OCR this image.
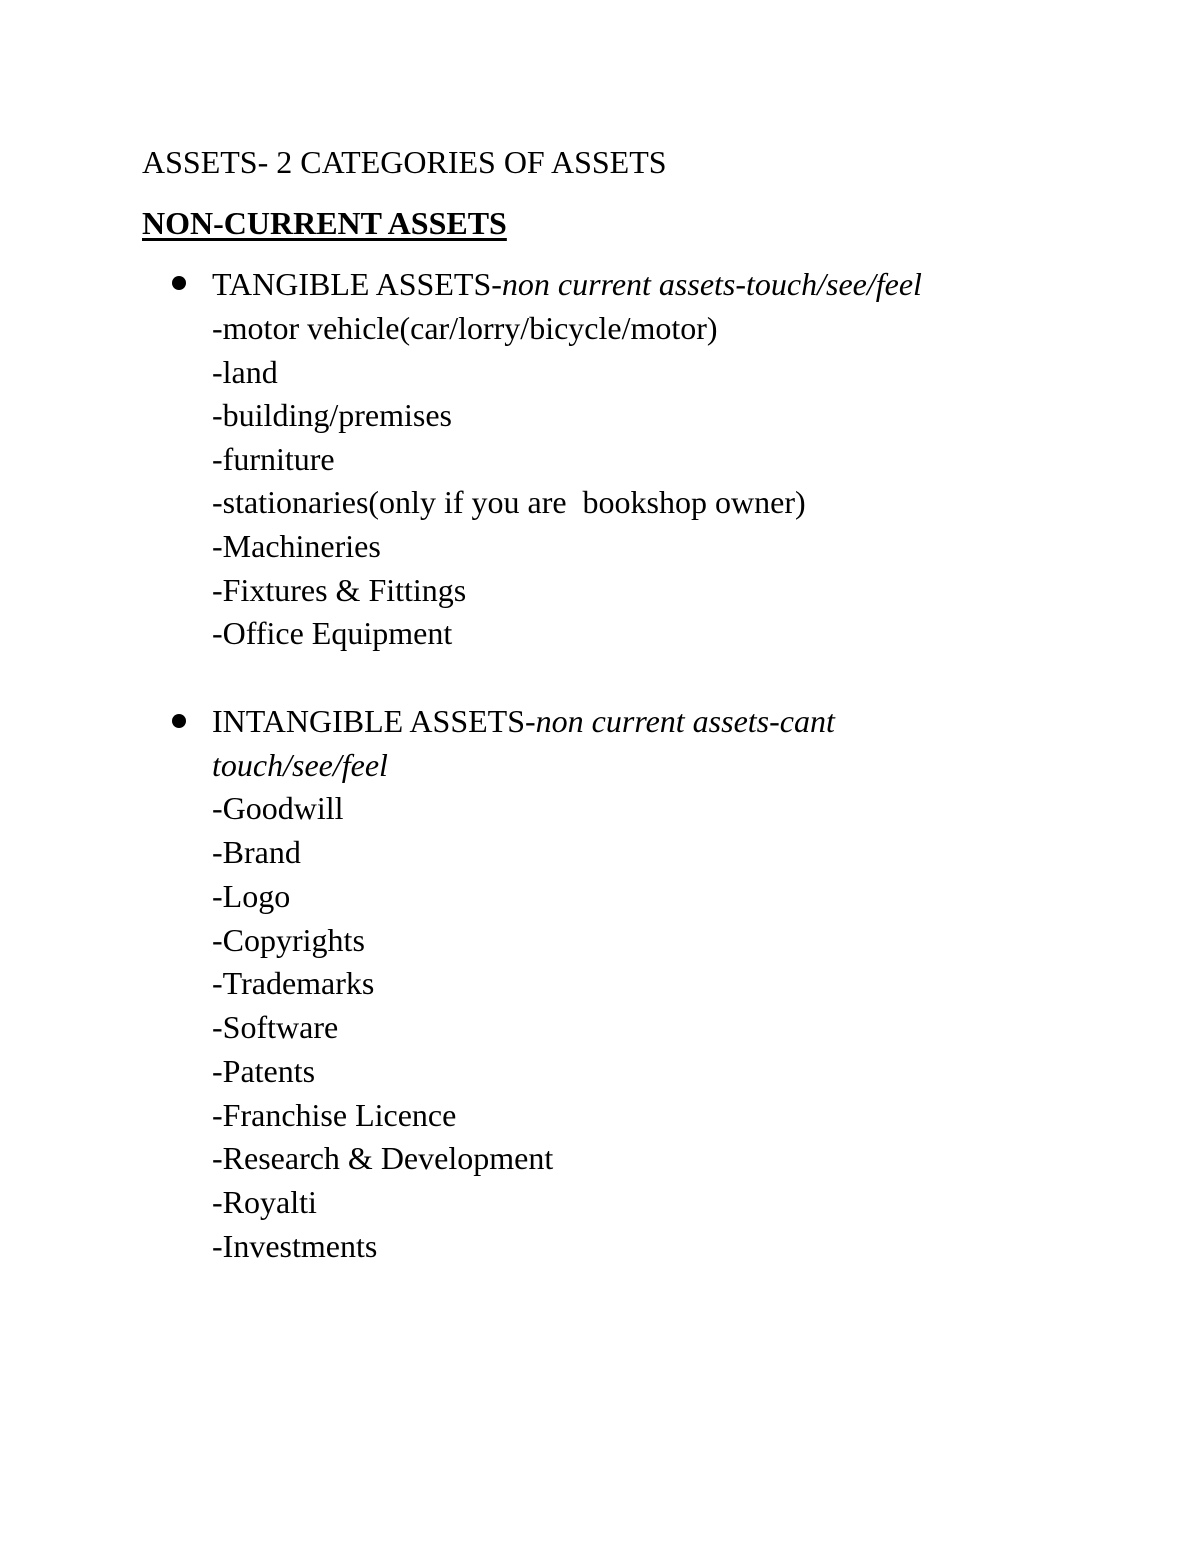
ASSETS- 2 CATEGORIES OF ASSETS
NON-CURRENT ASSETS
TANGIBLE ASSETS-non current assets-touch/see/feel
-motor vehicle(car/lorry/bicycle/motor)
-land
-building/premises
-furniture
-stationaries(only if you are  bookshop owner)
-Machineries
-Fixtures & Fittings
-Office Equipment
INTANGIBLE ASSETS-non current assets-cant
touch/see/feel
-Goodwill
-Brand
-Logo
-Copyrights
-Trademarks
-Software
-Patents
-Franchise Licence
-Research & Development
-Royalti
-Investments
